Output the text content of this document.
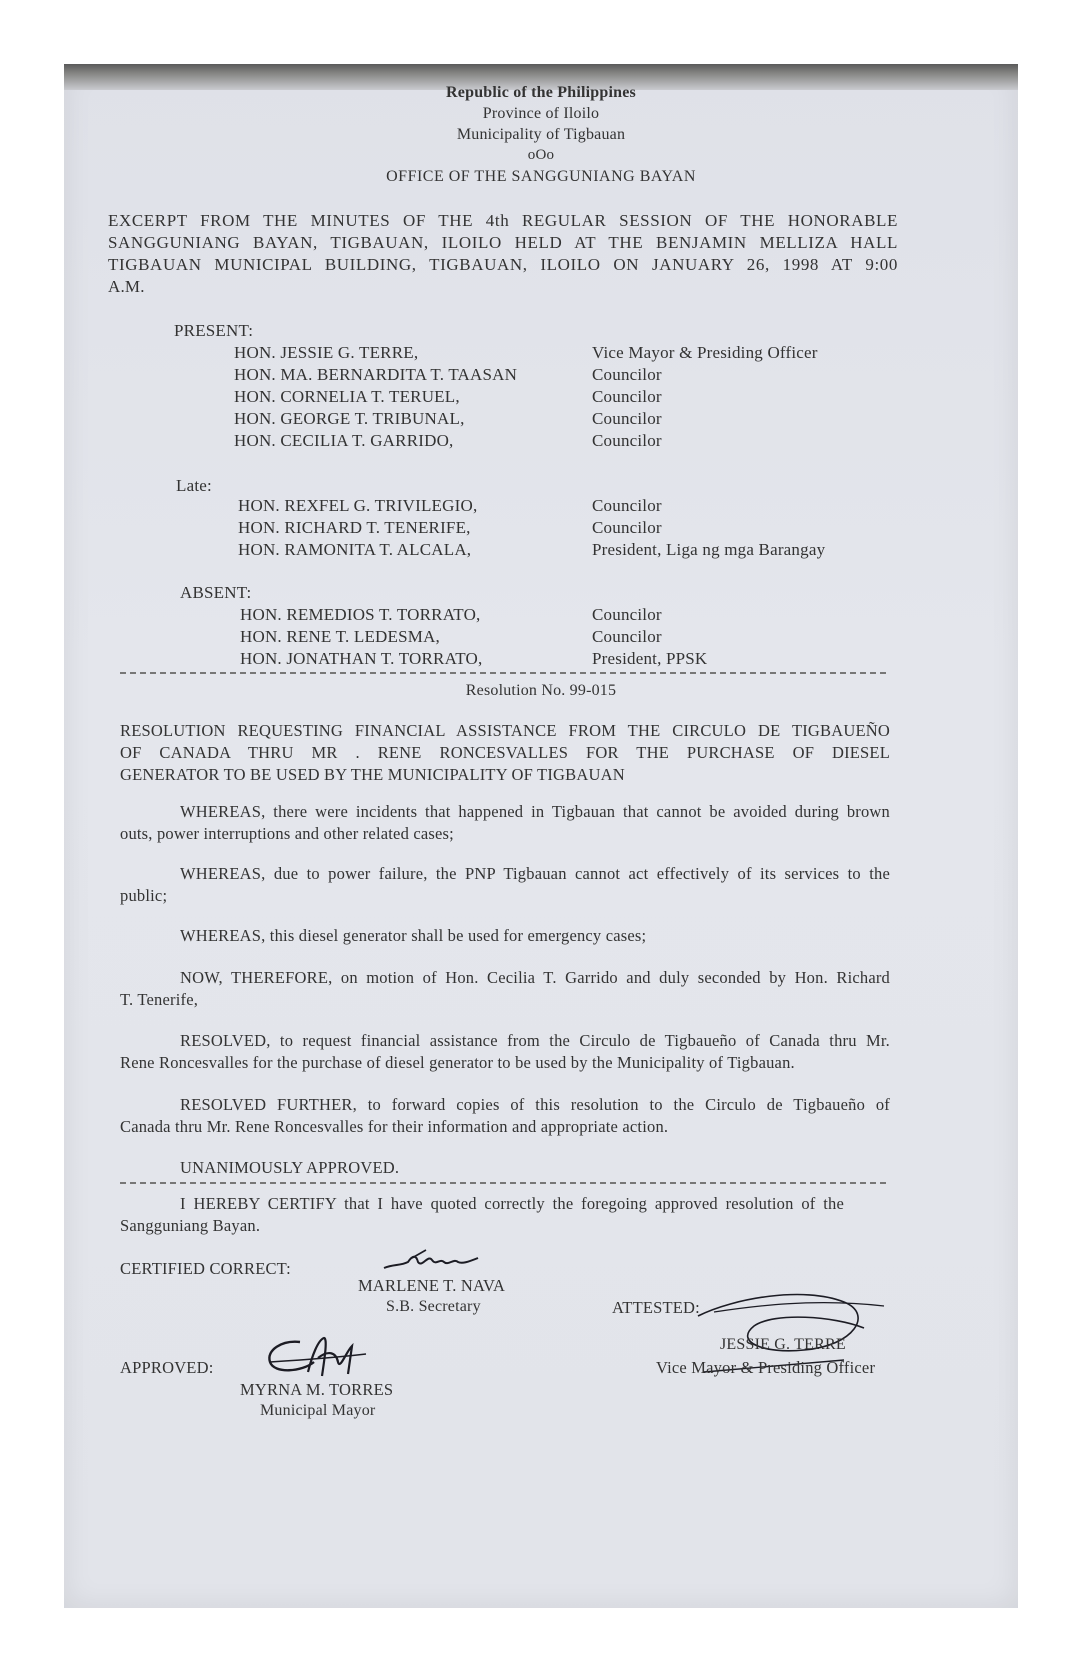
Republic of the Philippines
Province of Iloilo
Municipality of Tigbauan
oOo
OFFICE OF THE SANGGUNIANG BAYAN
EXCERPT FROM THE MINUTES OF THE 4th REGULAR SESSION OF THE HONORABLE
SANGGUNIANG BAYAN, TIGBAUAN, ILOILO HELD AT THE BENJAMIN MELLIZA HALL
TIGBAUAN MUNICIPAL BUILDING, TIGBAUAN, ILOILO ON JANUARY 26, 1998 AT 9:00
A.M.
PRESENT:
HON. JESSIE G. TERRE,	Vice Mayor & Presiding Officer
HON. MA. BERNARDITA T. TAASAN	Councilor
HON. CORNELIA T. TERUEL,	Councilor
HON. GEORGE T. TRIBUNAL,	Councilor
HON. CECILIA T. GARRIDO,	Councilor
Late:
HON. REXFEL G. TRIVILEGIO,	Councilor
HON. RICHARD T. TENERIFE,	Councilor
HON. RAMONITA T. ALCALA,	President, Liga ng mga Barangay
ABSENT:
HON. REMEDIOS T. TORRATO,	Councilor
HON. RENE T. LEDESMA,	Councilor
HON. JONATHAN T. TORRATO,	President, PPSK
Resolution No. 99-015
RESOLUTION REQUESTING FINANCIAL ASSISTANCE FROM THE CIRCULO DE TIGBAUEÑO
OF CANADA THRU MR . RENE RONCESVALLES FOR THE PURCHASE OF DIESEL
GENERATOR TO BE USED BY THE MUNICIPALITY OF TIGBAUAN
WHEREAS, there were incidents that happened in Tigbauan that cannot be avoided during brown
outs, power interruptions and other related cases;
WHEREAS, due to power failure, the PNP Tigbauan cannot act effectively of its services to the
public;
WHEREAS, this diesel generator shall be used for emergency cases;
NOW, THEREFORE, on motion of Hon. Cecilia T. Garrido and duly seconded by Hon. Richard
T. Tenerife,
RESOLVED, to request financial assistance from the Circulo de Tigbaueño of Canada thru Mr.
Rene Roncesvalles for the purchase of diesel generator to be used by the Municipality of Tigbauan.
RESOLVED FURTHER, to forward copies of this resolution to the Circulo de Tigbaueño of
Canada thru Mr. Rene Roncesvalles for their information and appropriate action.
UNANIMOUSLY APPROVED.
I HEREBY CERTIFY that I have quoted correctly the foregoing approved resolution of the
Sangguniang Bayan.
CERTIFIED CORRECT:
MARLENE T. NAVA
S.B. Secretary	ATTESTED:
JESSIE G. TERRE
Vice Mayor & Presiding Officer
APPROVED:
MYRNA M. TORRES
Municipal Mayor
